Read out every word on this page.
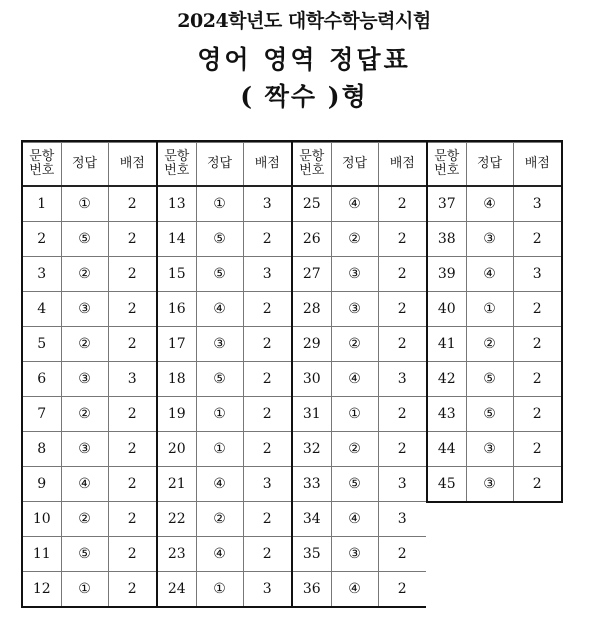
2024학년도 대학수학능력시험
영어 영역 정답표
( 짝수 )형
문항
번호	정답	배점
1	①	2
2	⑤	2
3	②	2
4	③	2
5	②	2
6	③	3
7	②	2
8	③	2
9	④	2
10	②	2
11	⑤	2
12	①	2
문항
번호	정답	배점
13	①	3
14	⑤	2
15	⑤	3
16	④	2
17	③	2
18	⑤	2
19	①	2
20	①	2
21	④	3
22	②	2
23	④	2
24	①	3
문항
번호	정답	배점
25	④	2
26	②	2
27	③	2
28	③	2
29	②	2
30	④	3
31	①	2
32	②	2
33	⑤	3
34	④	3
35	③	2
36	④	2
문항
번호	정답	배점
37	④	3
38	③	2
39	④	3
40	①	2
41	②	2
42	⑤	2
43	⑤	2
44	③	2
45	③	2
